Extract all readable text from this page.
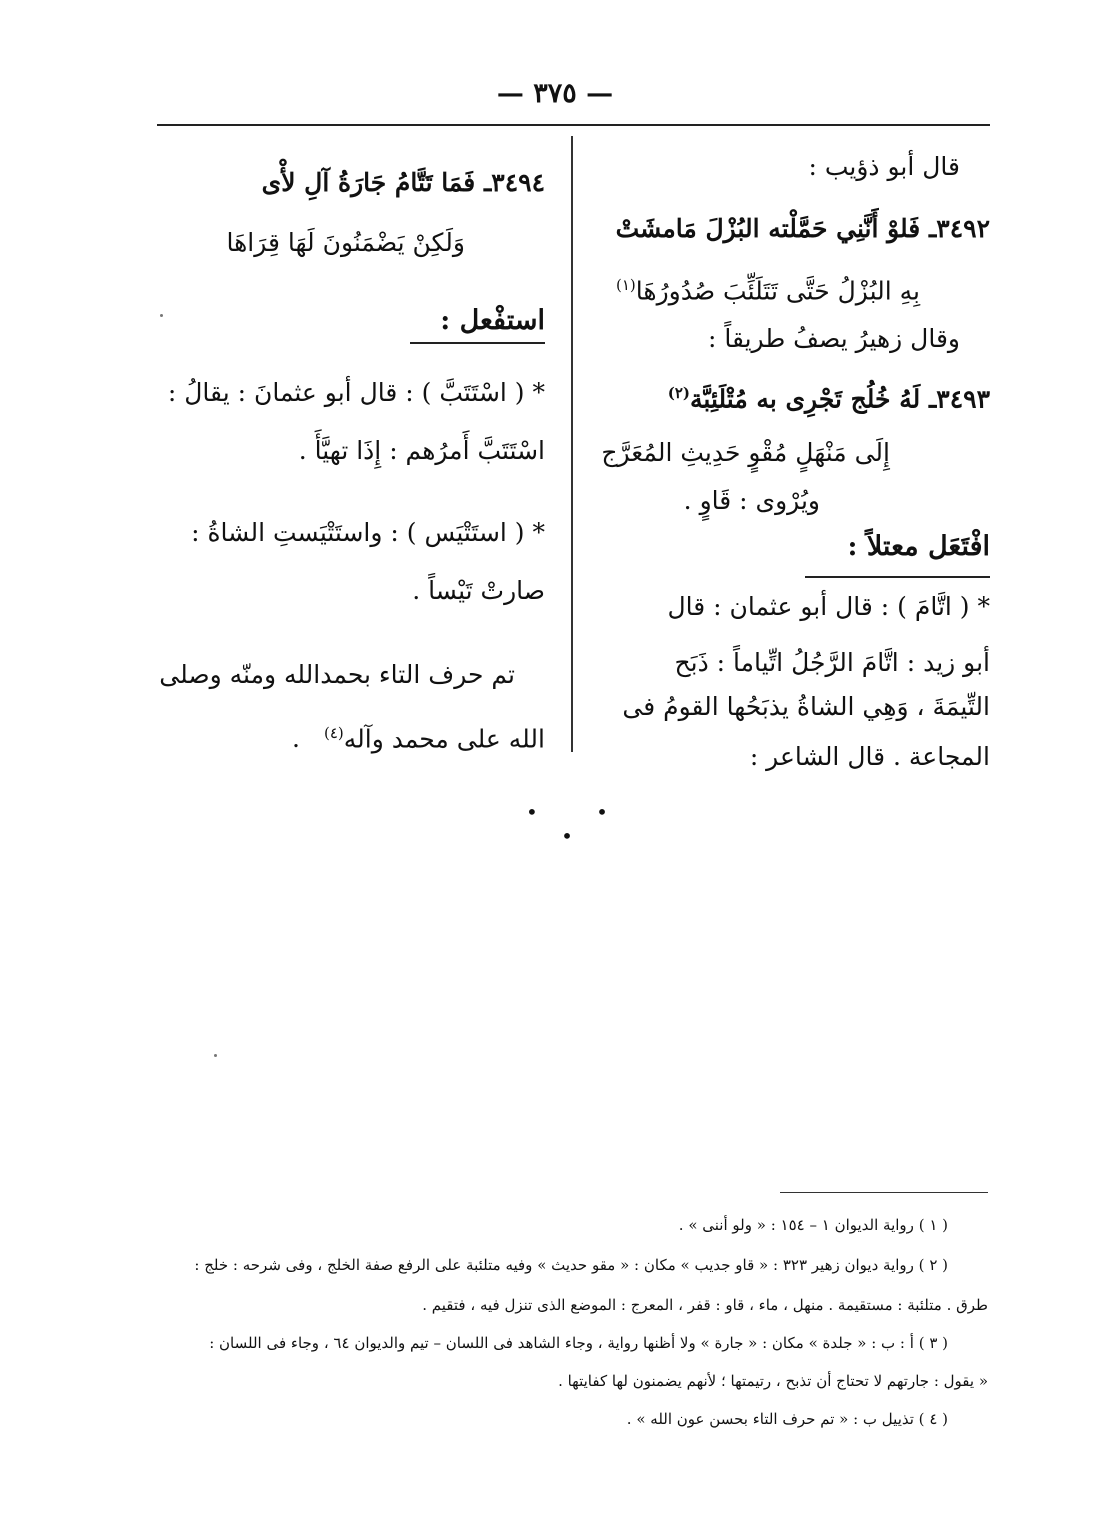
— ٣٧٥ —
قال أبو ذؤيب :
٣٤٩٢ـ فَلوْ أَنَّنِي حَمَّلْته البُزْلَ مَامشَتْ
بِهِ البُزْلُ حَتَّى تَتَلَئِّبَ صُدُورُهَا$^{(١)}$
وقال زهيرُ يصفُ طريقاً :
٣٤٩٣ـ لَهُ خُلُج تَجْرِى به مُتْلَئِبَّة$^{(٢)}$
إِلَى مَنْهَلٍ مُقْوٍ حَدِيثِ المُعَرَّج
ويُرْوى : قَاوٍ .
افْتَعَل معتلاً :
* ( اتَّامَ ) : قال أبو عثمان : قال
أبو زيد : اتَّامَ الرَّجُلُ اتِّياماً : ذَبَح
التِّيمَةَ ، وَهِي الشاةُ يذبَحُها القومُ فى
المجاعة . قال الشاعر :
٣٤٩٤ـ فَمَا تَتَّامُ جَارَةُ آلِ لأْى
وَلَكِنْ يَضْمَنُونَ لَهَا قِرَاهَا
استفْعل :
* ( اسْتَتَبَّ ) : قال أبو عثمانَ : يقالُ :
اسْتَتَبَّ أَمرُهم : إِذَا تهيَّأَ .
* ( استَتْيَس ) : واستَتْيَستِ الشاةُ :
صارتْ تَيْساً .
تم حرف التاء بحمدالله ومنّه وصلى
الله على محمد وآله$^{(٤)}$ .
• • •
( ١ ) رواية الديوان ١ – ١٥٤ : « ولو أننى » .
( ٢ ) رواية ديوان زهير ٣٢٣ : « قاو جديب » مكان : « مقو حديث » وفيه متلئبة على الرفع صفة الخلج ، وفى شرحه : خلج :
طرق . متلئبة : مستقيمة . منهل ، ماء ، قاو : قفر ، المعرج : الموضع الذى تنزل فيه ، فتقيم .
( ٣ ) أ : ب : « جلدة » مكان : « جارة » ولا أظنها رواية ، وجاء الشاهد فى اللسان – تيم والديوان ٦٤ ، وجاء فى اللسان :
« يقول : جارتهم لا تحتاج أن تذبح ، رتيمتها ؛ لأنهم يضمنون لها كفايتها .
( ٤ ) تذييل ب : « تم حرف التاء بحسن عون الله » .
